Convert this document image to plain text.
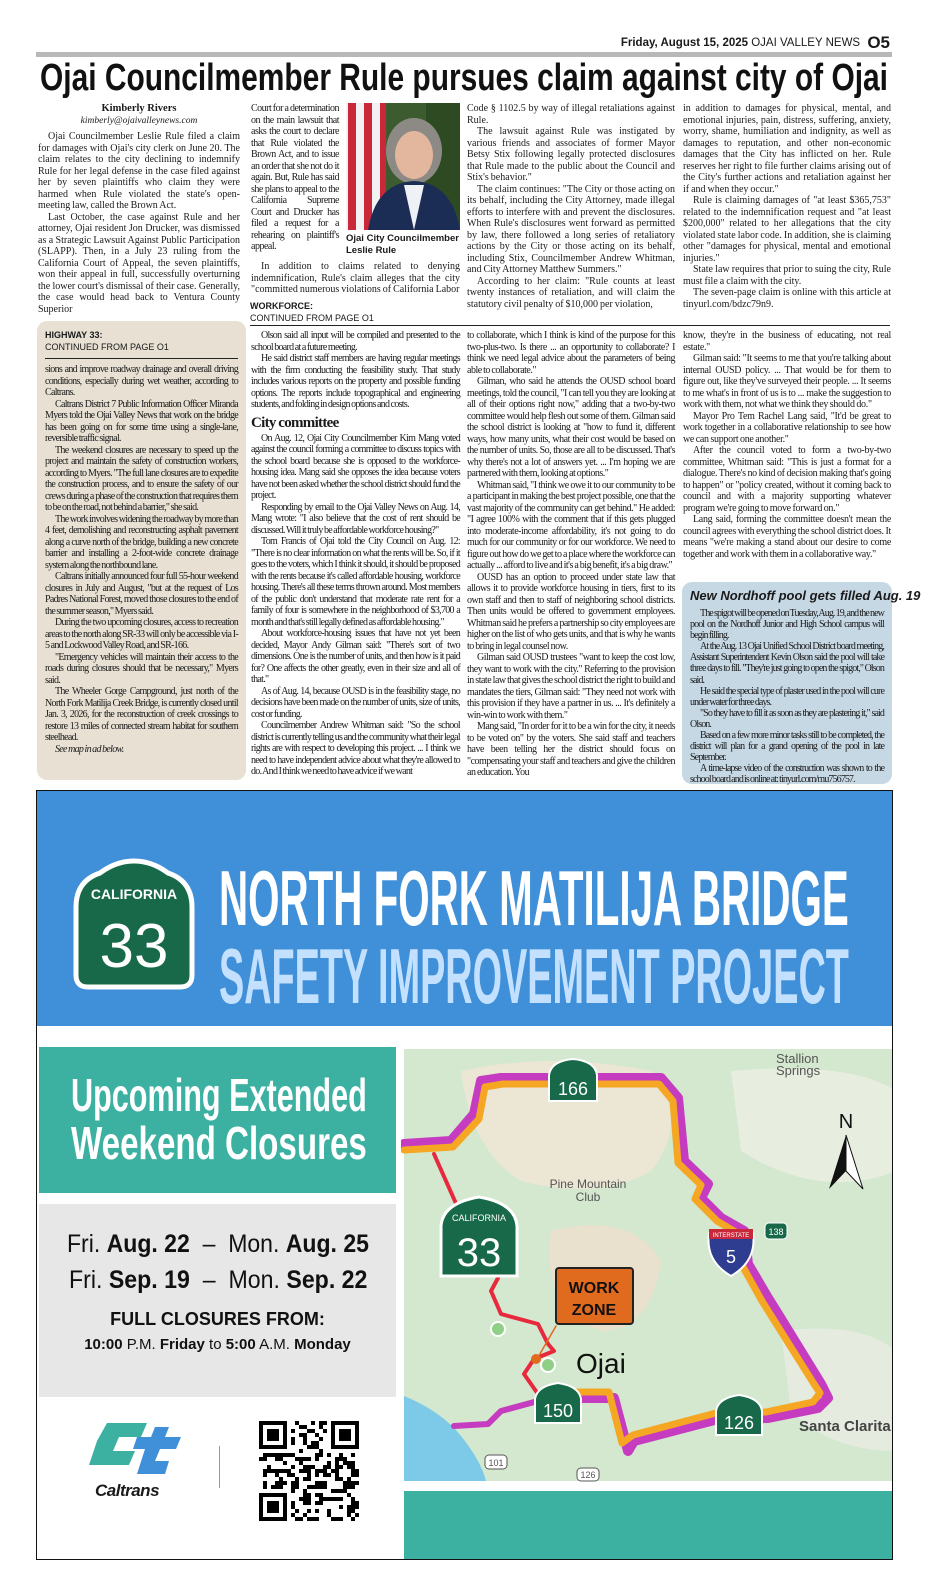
Friday, August 15, 2025 OJAI VALLEY NEWS O5
Ojai Councilmember Rule pursues claim against city of Ojai
Kimberly Rivers
kimberly@ojaivalleynews.com

Ojai Councilmember Leslie Rule filed a claim for damages with Ojai's city clerk on June 20. The claim relates to the city declining to indemnify Rule for her legal defense in the case filed against her by seven plaintiffs who claim they were harmed when Rule violated the state's open-meeting law, called the Brown Act.

Last October, the case against Rule and her attorney, Ojai resident Jon Drucker, was dismissed as a Strategic Lawsuit Against Public Participation (SLAPP). Then, in a July 23 ruling from the California Court of Appeal, the seven plaintiffs, won their appeal in full, successfully overturning the lower court's dismissal of their case. Generally, the case would head back to Ventura County Superior

Court for a determination on the main lawsuit that asks the court to declare that Rule violated the Brown Act, and to issue an order that she not do it again. But, Rule has said she plans to appeal to the California Supreme Court and Drucker has filed a request for a rehearing on plaintiff's appeal.

Ojai City Councilmember Leslie Rule

In addition to claims related to denying indemnification, Rule's claim alleges that the city "committed numerous violations of California Labor

Code § 1102.5 by way of illegal retaliations against Rule.

The lawsuit against Rule was instigated by various friends and associates of former Mayor Betsy Stix following legally protected disclosures that Rule made to the public about the Council and Stix's behavior."

The claim continues: "The City or those acting on its behalf, including the City Attorney, made illegal efforts to interfere with and prevent the disclosures. When Rule's disclosures went forward as permitted by law, there followed a long series of retaliatory actions by the City or those acting on its behalf, including Stix, Councilmember Andrew Whitman, and City Attorney Matthew Summers."

According to her claim: "Rule counts at least twenty instances of retaliation, and will claim the statutory civil penalty of $10,000 per violation,

in addition to damages for physical, mental, and emotional injuries, pain, distress, suffering, anxiety, worry, shame, humiliation and indignity, as well as damages to reputation, and other non-economic damages that the City has inflicted on her. Rule reserves her right to file further claims arising out of the City's further actions and retaliation against her if and when they occur."

Rule is claiming damages of "at least $365,753" related to the indemnification request and "at least $200,000" related to her allegations that the city violated state labor code. In addition, she is claiming other "damages for physical, mental and emotional injuries."

State law requires that prior to suing the city, Rule must file a claim with the city.

The seven-page claim is online with this article at tinyurl.com/bdzc79n9.

HIGHWAY 33:
CONTINUED FROM PAGE O1

sions and improve roadway drainage and overall driving conditions, especially during wet weather, according to Caltrans.

Caltrans District 7 Public Information Officer Miranda Myers told the Ojai Valley News that work on the bridge has been going on for some time using a single-lane, reversible traffic signal.

The weekend closures are necessary to speed up the project and maintain the safety of construction workers, according to Myers. "The full lane closures are to expedite the construction process, and to ensure the safety of our crews during a phase of the construction that requires them to be on the road, not behind a barrier," she said.

The work involves widening the roadway by more than 4 feet, demolishing and reconstructing asphalt pavement along a curve north of the bridge, building a new concrete barrier and installing a 2-foot-wide concrete drainage system along the northbound lane.

Caltrans initially announced four full 55-hour weekend closures in July and August, "but at the request of Los Padres National Forest, moved those closures to the end of the summer season," Myers said.

During the two upcoming closures, access to recreation areas to the north along SR-33 will only be accessible via I-5 and Lockwood Valley Road, and SR-166.

"Emergency vehicles will maintain their access to the roads during closures should that be necessary," Myers said.

The Wheeler Gorge Campground, just north of the North Fork Matilija Creek Bridge, is currently closed until Jan. 3, 2026, for the reconstruction of creek crossings to restore 13 miles of connected stream habitat for southern steelhead.

See map in ad below.

WORKFORCE:
CONTINUED FROM PAGE O1

Olson said all input will be compiled and presented to the school board at a future meeting.

He said district staff members are having regular meetings with the firm conducting the feasibility study. That study includes various reports on the property and possible funding options. The reports include topographical and engineering students, and folding in design options and costs.

City committee

On Aug. 12, Ojai City Councilmember Kim Mang voted against the council forming a committee to discuss topics with the school board because she is opposed to the workforce-housing idea. Mang said she opposes the idea because voters have not been asked whether the school district should fund the project.

Responding by email to the Ojai Valley News on Aug. 14, Mang wrote: "I also believe that the cost of rent should be discussed. Will it truly be affordable workforce housing?"

Tom Francis of Ojai told the City Council on Aug. 12: "There is no clear information on what the rents will be. So, if it goes to the voters, which I think it should, it should be proposed with the rents because it's called affordable housing, workforce housing. There's all these terms thrown around. Most members of the public don't understand that moderate rate rent for a family of four is somewhere in the neighborhood of $3,700 a month and that's still legally defined as affordable housing."

About workforce-housing issues that have not yet been decided, Mayor Andy Gilman said: "There's sort of two dimensions. One is the number of units, and then how is it paid for? One affects the other greatly, even in their size and all of that."

As of Aug. 14, because OUSD is in the feasibility stage, no decisions have been made on the number of units, size of units, cost or funding.

Councilmember Andrew Whitman said: "So the school district is currently telling us and the community what their legal rights are with respect to developing this project. ... I think we need to have independent advice about what they're allowed to do. And I think we need to have advice if we want

to collaborate, which I think is kind of the purpose for this two-plus-two. Is there ... an opportunity to collaborate? I think we need legal advice about the parameters of being able to collaborate."

Gilman, who said he attends the OUSD school board meetings, told the council, "I can tell you they are looking at all of their options right now," adding that a two-by-two committee would help flesh out some of them. Gilman said the school district is looking at "how to fund it, different ways, how many units, what their cost would be based on the number of units. So, those are all to be discussed. That's why there's not a lot of answers yet. ... I'm hoping we are partnered with them, looking at options."

Whitman said, "I think we owe it to our community to be a participant in making the best project possible, one that the vast majority of the community can get behind." He added: "I agree 100% with the comment that if this gets plugged into moderate-income affordability, it's not going to do much for our community or for our workforce. We need to figure out how do we get to a place where the workforce can actually ... afford to live and it's a big benefit, it's a big draw."

OUSD has an option to proceed under state law that allows it to provide workforce housing in tiers, first to its own staff and then to staff of neighboring school districts. Then units would be offered to government employees. Whitman said he prefers a partnership so city employees are higher on the list of who gets units, and that is why he wants to bring in legal counsel now.

Gilman said OUSD trustees "want to keep the cost low, they want to work with the city." Referring to the provision in state law that gives the school district the right to build and mandates the tiers, Gilman said: "They need not work with this provision if they have a partner in us. ... It's definitely a win-win to work with them."

Mang said, "In order for it to be a win for the city, it needs to be voted on" by the voters. She said staff and teachers have been telling her the district should focus on "compensating your staff and teachers and give the children an education. You

know, they're in the business of educating, not real estate."

Gilman said: "It seems to me that you're talking about internal OUSD policy. ... That would be for them to figure out, like they've surveyed their people. ... It seems to me what's in front of us is to ... make the suggestion to work with them, not what we think they should do."

Mayor Pro Tem Rachel Lang said, "It'd be great to work together in a collaborative relationship to see how we can support one another."

After the council voted to form a two-by-two committee, Whitman said: "This is just a format for a dialogue. There's no kind of decision making that's going to happen" or "policy created, without it coming back to council and with a majority supporting whatever program we're going to move forward on."

Lang said, forming the committee doesn't mean the council agrees with everything the school district does. It means "we're making a stand about our desire to come together and work with them in a collaborative way."

New Nordhoff pool gets filled Aug. 19

The spigot will be opened on Tuesday, Aug. 19, and the new pool on the Nordhoff Junior and High School campus will begin filling.

At the Aug. 13 Ojai Unified School District board meeting, Assistant Superintendent Kevin Olson said the pool will take three days to fill. "They're just going to open the spigot," Olson said.

He said the special type of plaster used in the pool will cure under water for three days.

"So they have to fill it as soon as they are plastering it," said Olson.

Based on a few more minor tasks still to be completed, the district will plan for a grand opening of the pool in late September.

A time-lapse video of the construction was shown to the school board and is online at: tinyurl.com/mu756757.

CALIFORNIA
33
NORTH FORK MATILIJA BRIDGE
SAFETY IMPROVEMENT PROJECT
Upcoming Extended
Weekend Closures
Fri. Aug. 22 – Mon. Aug. 25
Fri. Sep. 19 – Mon. Sep. 22
FULL CLOSURES FROM:
10:00 P.M. Friday to 5:00 A.M. Monday
Caltrans
Stallion
Springs
Pine Mountain
Club
Ojai
Santa Clarita
N
WORK
ZONE
166
CALIFORNIA
33	INTERSTATE
5
138
150
126
101
126
